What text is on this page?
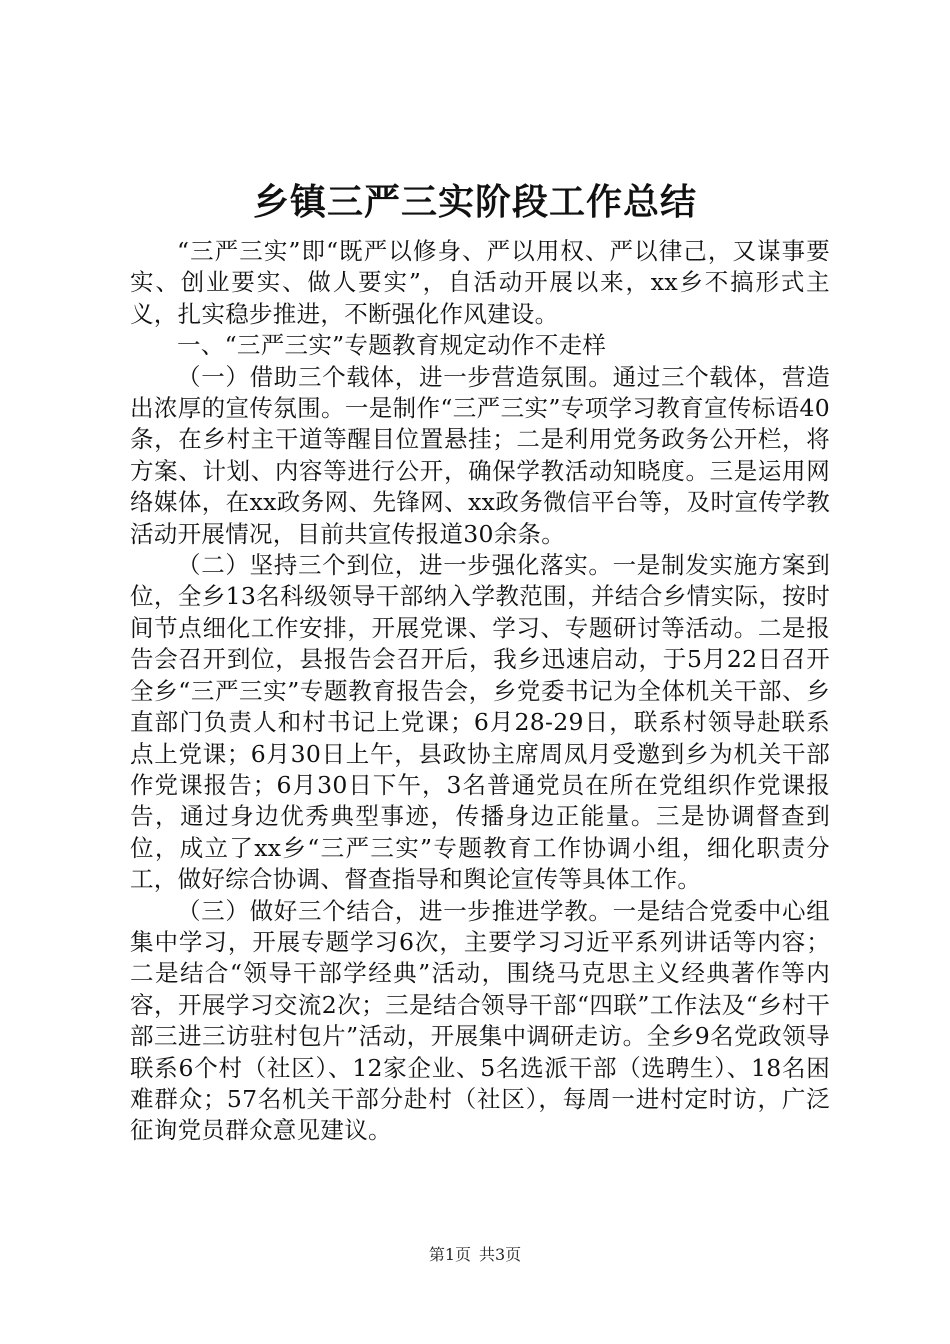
乡镇三严三实阶段工作总结

“三严三实”即“既严以修身、严以用权、严以律己，又谋事要实、创业要实、做人要实”，自活动开展以来，xx乡不搞形式主义，扎实稳步推进，不断强化作风建设。

一、“三严三实”专题教育规定动作不走样

（一）借助三个载体，进一步营造氛围。通过三个载体，营造出浓厚的宣传氛围。一是制作“三严三实”专项学习教育宣传标语40条，在乡村主干道等醒目位置悬挂；二是利用党务政务公开栏，将方案、计划、内容等进行公开，确保学教活动知晓度。三是运用网络媒体，在xx政务网、先锋网、xx政务微信平台等，及时宣传学教活动开展情况，目前共宣传报道30余条。

（二）坚持三个到位，进一步强化落实。一是制发实施方案到位，全乡13名科级领导干部纳入学教范围，并结合乡情实际，按时间节点细化工作安排，开展党课、学习、专题研讨等活动。二是报告会召开到位，县报告会召开后，我乡迅速启动，于5月22日召开全乡“三严三实”专题教育报告会，乡党委书记为全体机关干部、乡直部门负责人和村书记上党课；6月28-29日，联系村领导赴联系点上党课；6月30日上午，县政协主席周凤月受邀到乡为机关干部作党课报告；6月30日下午，3名普通党员在所在党组织作党课报告，通过身边优秀典型事迹，传播身边正能量。三是协调督查到位，成立了xx乡“三严三实”专题教育工作协调小组，细化职责分工，做好综合协调、督查指导和舆论宣传等具体工作。

（三）做好三个结合，进一步推进学教。一是结合党委中心组集中学习，开展专题学习6次，主要学习习近平系列讲话等内容；二是结合“领导干部学经典”活动，围绕马克思主义经典著作等内容，开展学习交流2次；三是结合领导干部“四联”工作法及“乡村干部三进三访驻村包片”活动，开展集中调研走访。全乡9名党政领导联系6个村（社区）、12家企业、5名选派干部（选聘生）、18名困难群众；57名机关干部分赴村（社区），每周一进村定时访，广泛征询党员群众意见建议。

第1页 共3页
